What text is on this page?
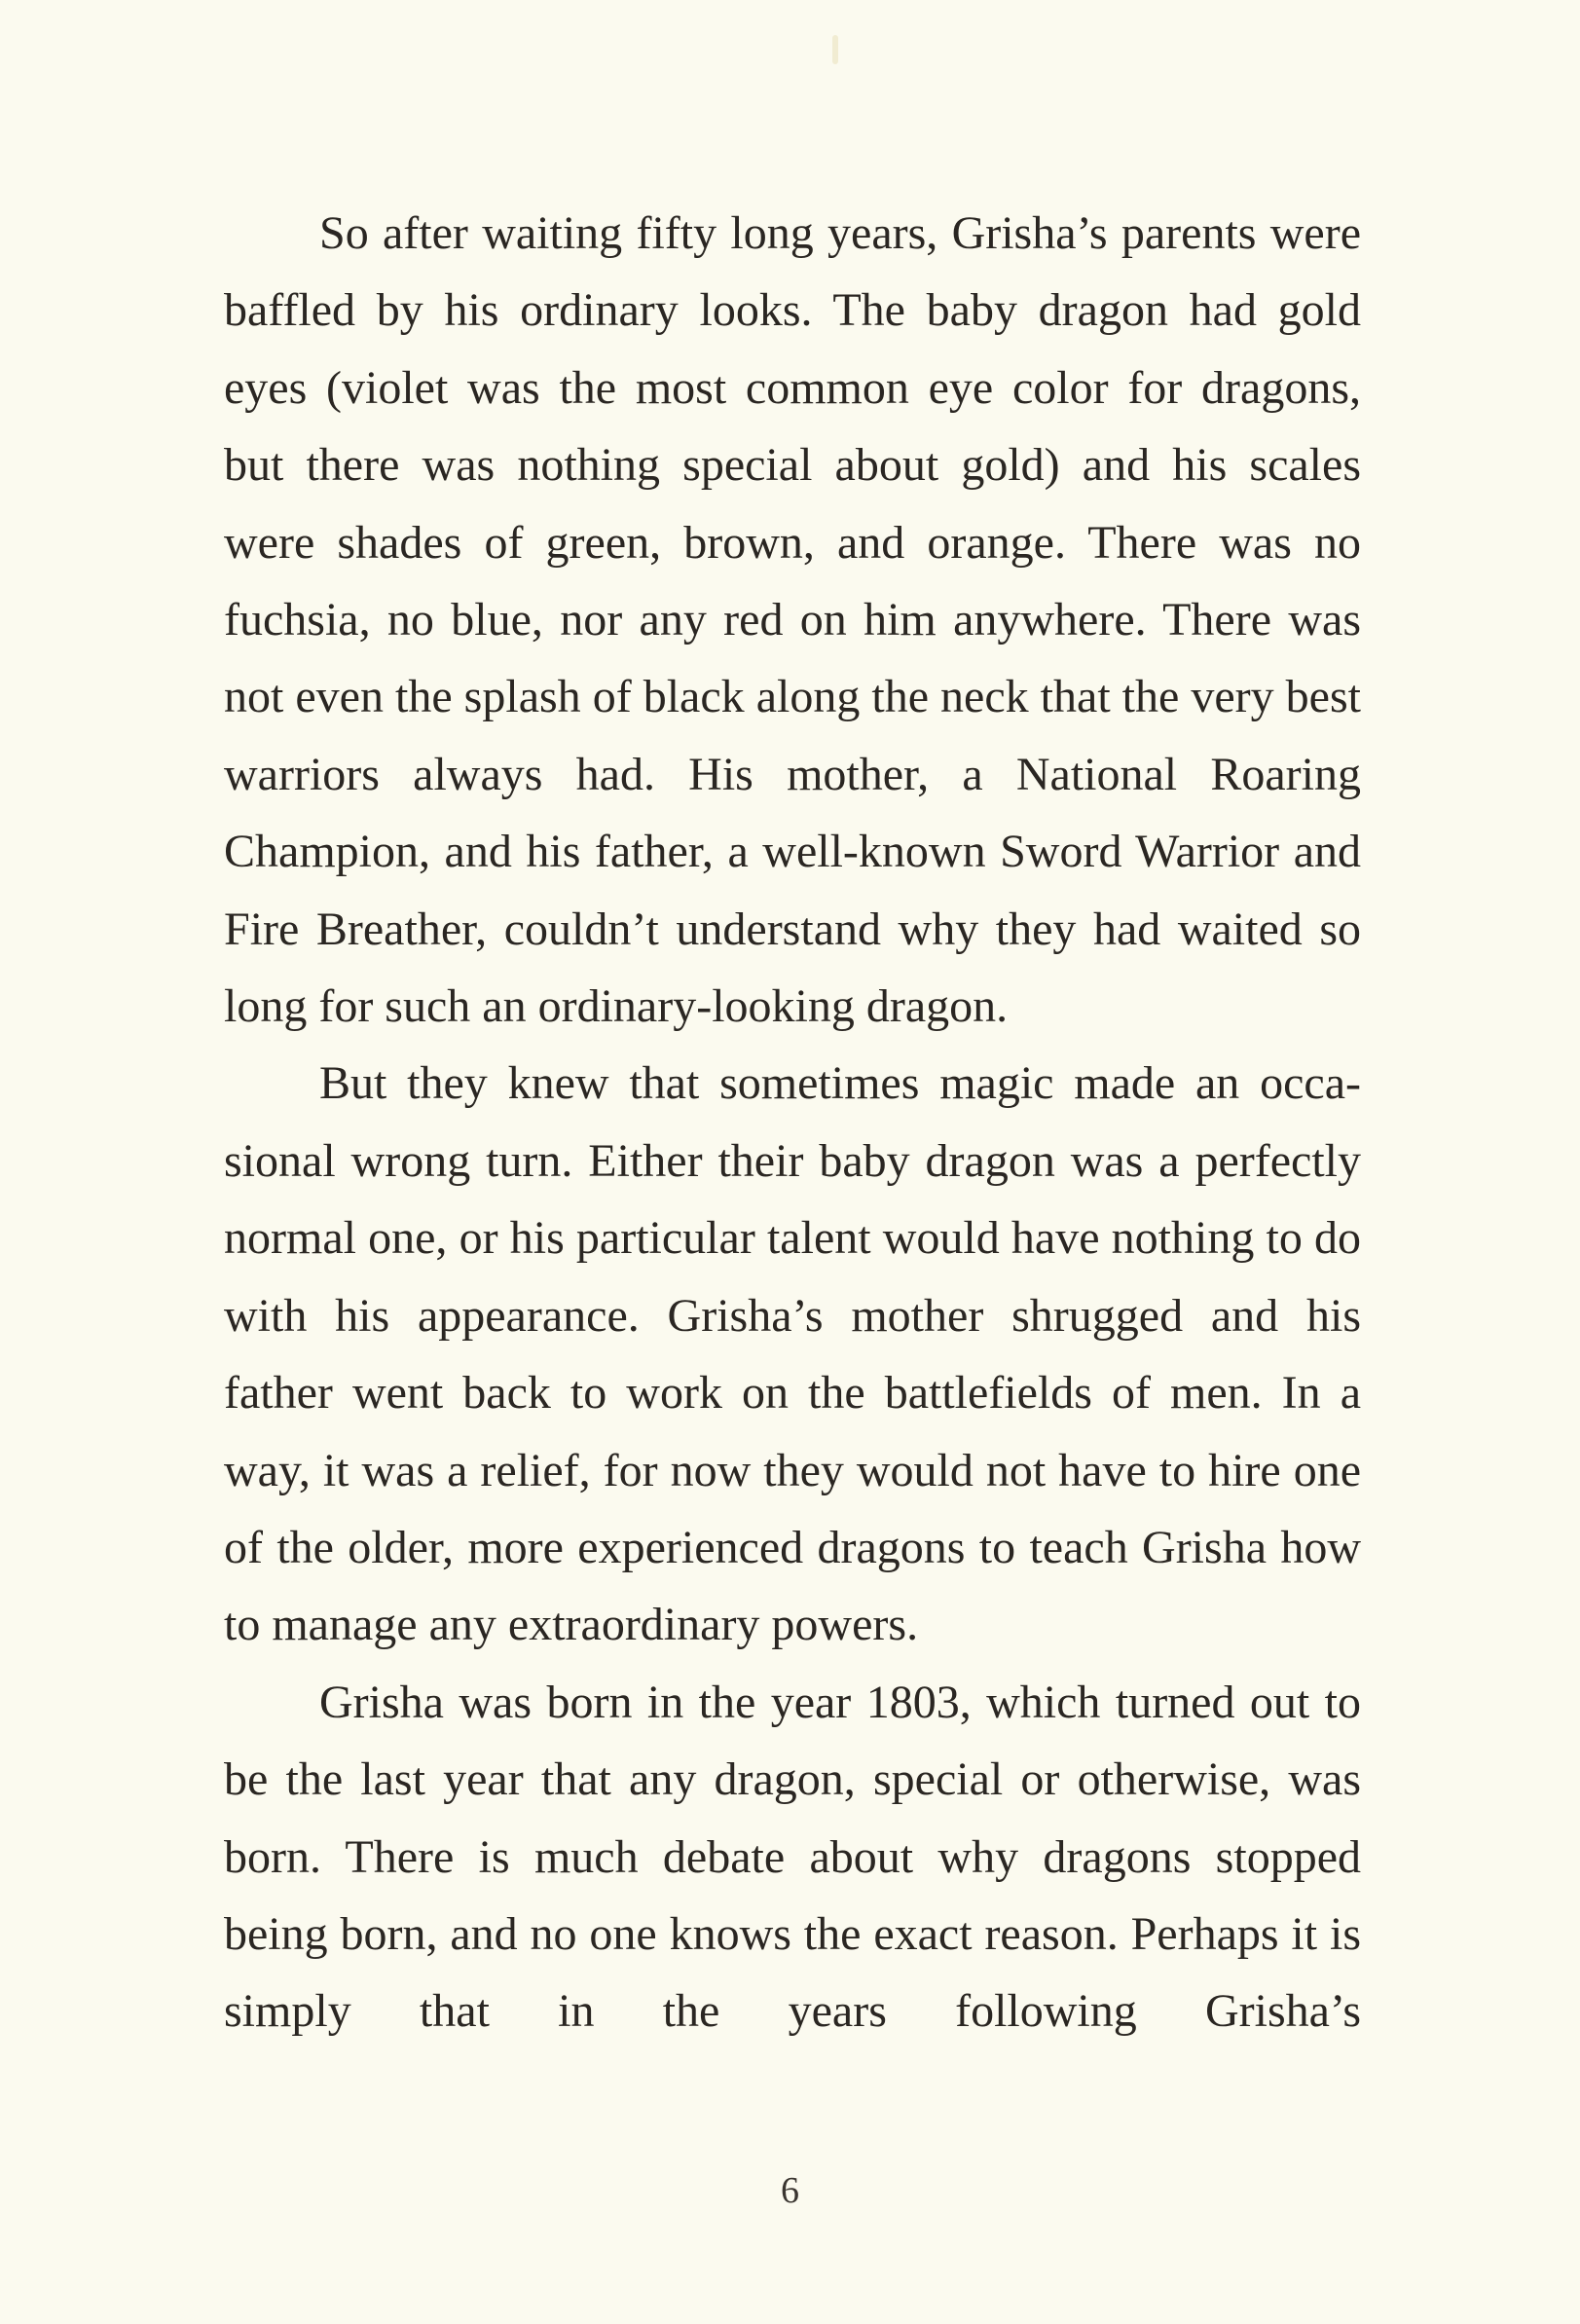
So after waiting fifty long years, Grisha’s parents were baffled by his ordinary looks. The baby dragon had gold eyes (violet was the most common eye color for dragons, but there was nothing special about gold) and his scales were shades of green, brown, and orange. There was no fuchsia, no blue, nor any red on him anywhere. There was not even the splash of black along the neck that the very best warriors always had. His mother, a National Roaring Champion, and his father, a well-known Sword Warrior and Fire Breather, couldn’t understand why they had waited so long for such an ordinary-looking dragon.

But they knew that sometimes magic made an occasional wrong turn. Either their baby dragon was a perfectly normal one, or his particular talent would have nothing to do with his appearance. Grisha’s mother shrugged and his father went back to work on the battlefields of men. In a way, it was a relief, for now they would not have to hire one of the older, more experienced dragons to teach Grisha how to manage any extraordinary powers.

Grisha was born in the year 1803, which turned out to be the last year that any dragon, special or otherwise, was born. There is much debate about why dragons stopped being born, and no one knows the exact reason. Perhaps it is simply that in the years following Grisha’s

6
